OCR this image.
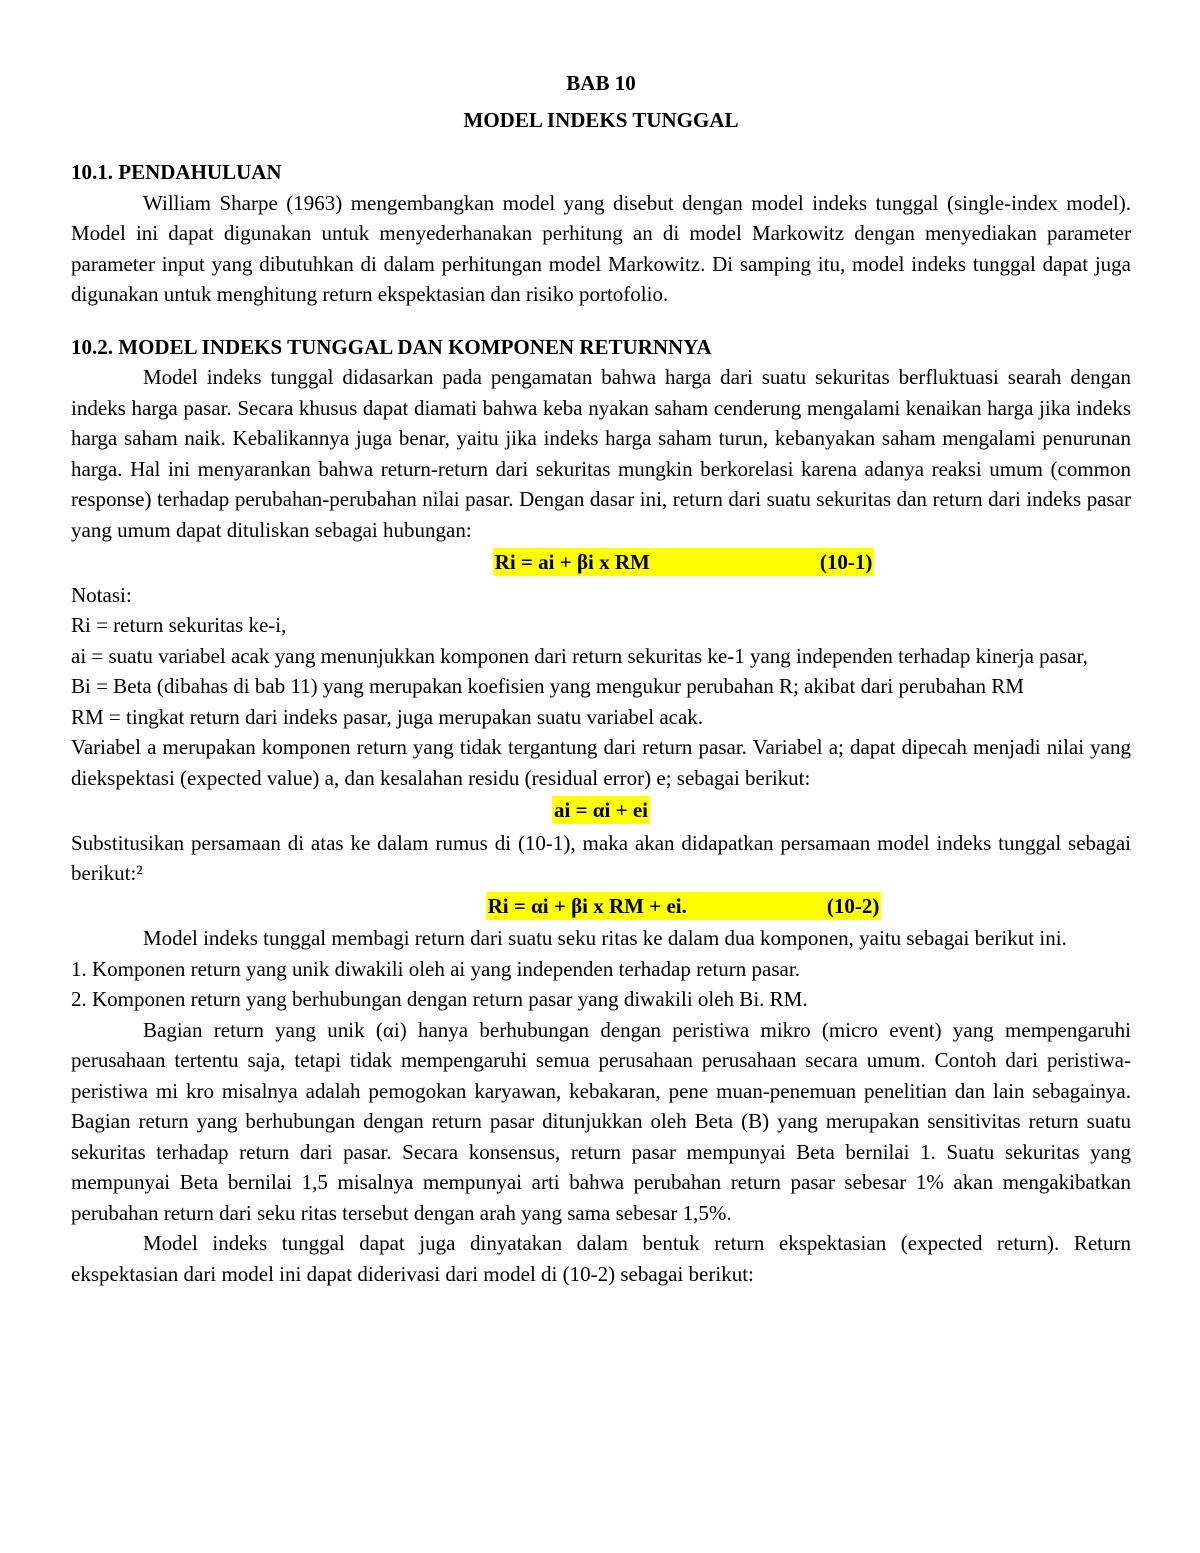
BAB 10
MODEL INDEKS TUNGGAL
10.1. PENDAHULUAN

William Sharpe (1963) mengembangkan model yang disebut dengan model indeks tunggal (single-index model). Model ini dapat digunakan untuk menyederhanakan perhitung an di model Markowitz dengan menyediakan parameter parameter input yang dibutuhkan di dalam perhitungan model Markowitz. Di samping itu, model indeks tunggal dapat juga digunakan untuk menghitung return ekspektasian dan risiko portofolio.

10.2. MODEL INDEKS TUNGGAL DAN KOMPONEN RETURNNYA

Model indeks tunggal didasarkan pada pengamatan bahwa harga dari suatu sekuritas berfluktuasi searah dengan indeks harga pasar. Secara khusus dapat diamati bahwa keba nyakan saham cenderung mengalami kenaikan harga jika indeks harga saham naik. Kebalikannya juga benar, yaitu jika indeks harga saham turun, kebanyakan saham mengalami penurunan harga. Hal ini menyarankan bahwa return-return dari sekuritas mungkin berkorelasi karena adanya reaksi umum (common response) terhadap perubahan-perubahan nilai pasar. Dengan dasar ini, return dari suatu sekuritas dan return dari indeks pasar yang umum dapat dituliskan sebagai hubungan:

Ri = ai + βi x RM	(10-1)

Notasi:

Ri = return sekuritas ke-i,

ai = suatu variabel acak yang menunjukkan komponen dari return sekuritas ke-1 yang independen terhadap kinerja pasar,

Bi = Beta (dibahas di bab 11) yang merupakan koefisien yang mengukur perubahan R; akibat dari perubahan RM

RM = tingkat return dari indeks pasar, juga merupakan suatu variabel acak.

Variabel a merupakan komponen return yang tidak tergantung dari return pasar. Variabel a; dapat dipecah menjadi nilai yang diekspektasi (expected value) a, dan kesalahan residu (residual error) e; sebagai berikut:

ai = αi + ei

Substitusikan persamaan di atas ke dalam rumus di (10-1), maka akan didapatkan persamaan model indeks tunggal sebagai berikut:²

Ri = αi + βi x RM + ei.	(10-2)

Model indeks tunggal membagi return dari suatu seku ritas ke dalam dua komponen, yaitu sebagai berikut ini.

1. Komponen return yang unik diwakili oleh ai yang independen terhadap return pasar.

2. Komponen return yang berhubungan dengan return pasar yang diwakili oleh Bi. RM.

Bagian return yang unik (αi) hanya berhubungan dengan peristiwa mikro (micro event) yang mempengaruhi perusahaan tertentu saja, tetapi tidak mempengaruhi semua perusahaan perusahaan secara umum. Contoh dari peristiwa-peristiwa mi kro misalnya adalah pemogokan karyawan, kebakaran, pene muan-penemuan penelitian dan lain sebagainya. Bagian return yang berhubungan dengan return pasar ditunjukkan oleh Beta (B) yang merupakan sensitivitas return suatu sekuritas terhadap return dari pasar. Secara konsensus, return pasar mempunyai Beta bernilai 1. Suatu sekuritas yang mempunyai Beta bernilai 1,5 misalnya mempunyai arti bahwa perubahan return pasar sebesar 1% akan mengakibatkan perubahan return dari seku ritas tersebut dengan arah yang sama sebesar 1,5%.

Model indeks tunggal dapat juga dinyatakan dalam bentuk return ekspektasian (expected return). Return ekspektasian dari model ini dapat diderivasi dari model di (10-2) sebagai berikut:
